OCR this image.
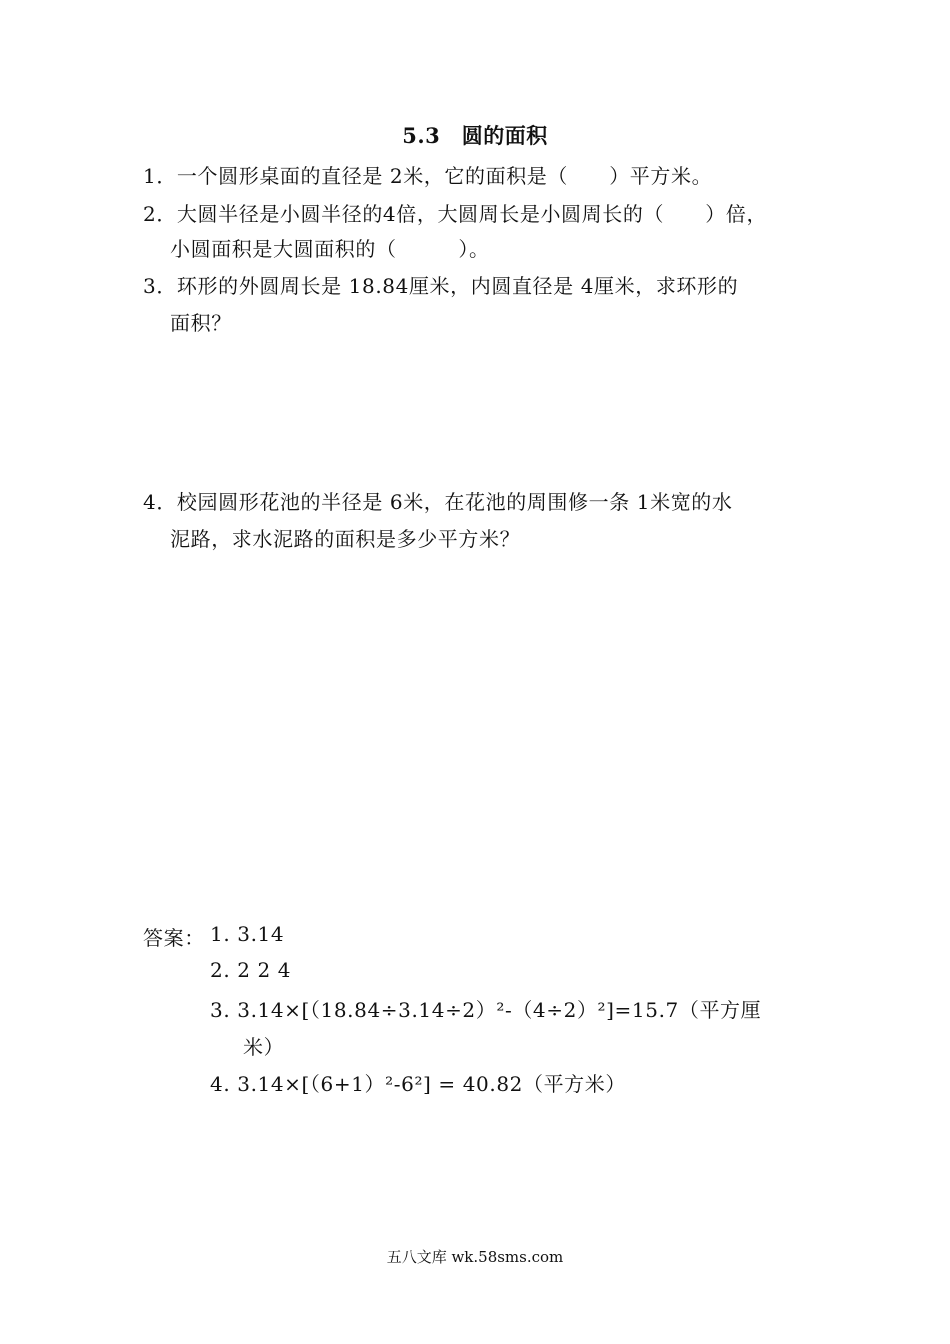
5.3　圆的面积
1．一个圆形桌面的直径是 2米，它的面积是（　　）平方米。
2．大圆半径是小圆半径的4倍，大圆周长是小圆周长的（　　）倍，
小圆面积是大圆面积的（　　　）。
3．环形的外圆周长是 18.84厘米，内圆直径是 4厘米，求环形的
面积？
4．校园圆形花池的半径是 6米，在花池的周围修一条 1米宽的水
泥路，求水泥路的面积是多少平方米？
答案： 1. 3.14
2. 2 2 4
3. 3.14×[（18.84÷3.14÷2）²-（4÷2）²]=15.7（平方厘
米）
4. 3.14×[（6+1）²-6²] = 40.82（平方米）
五八文库 wk.58sms.com
